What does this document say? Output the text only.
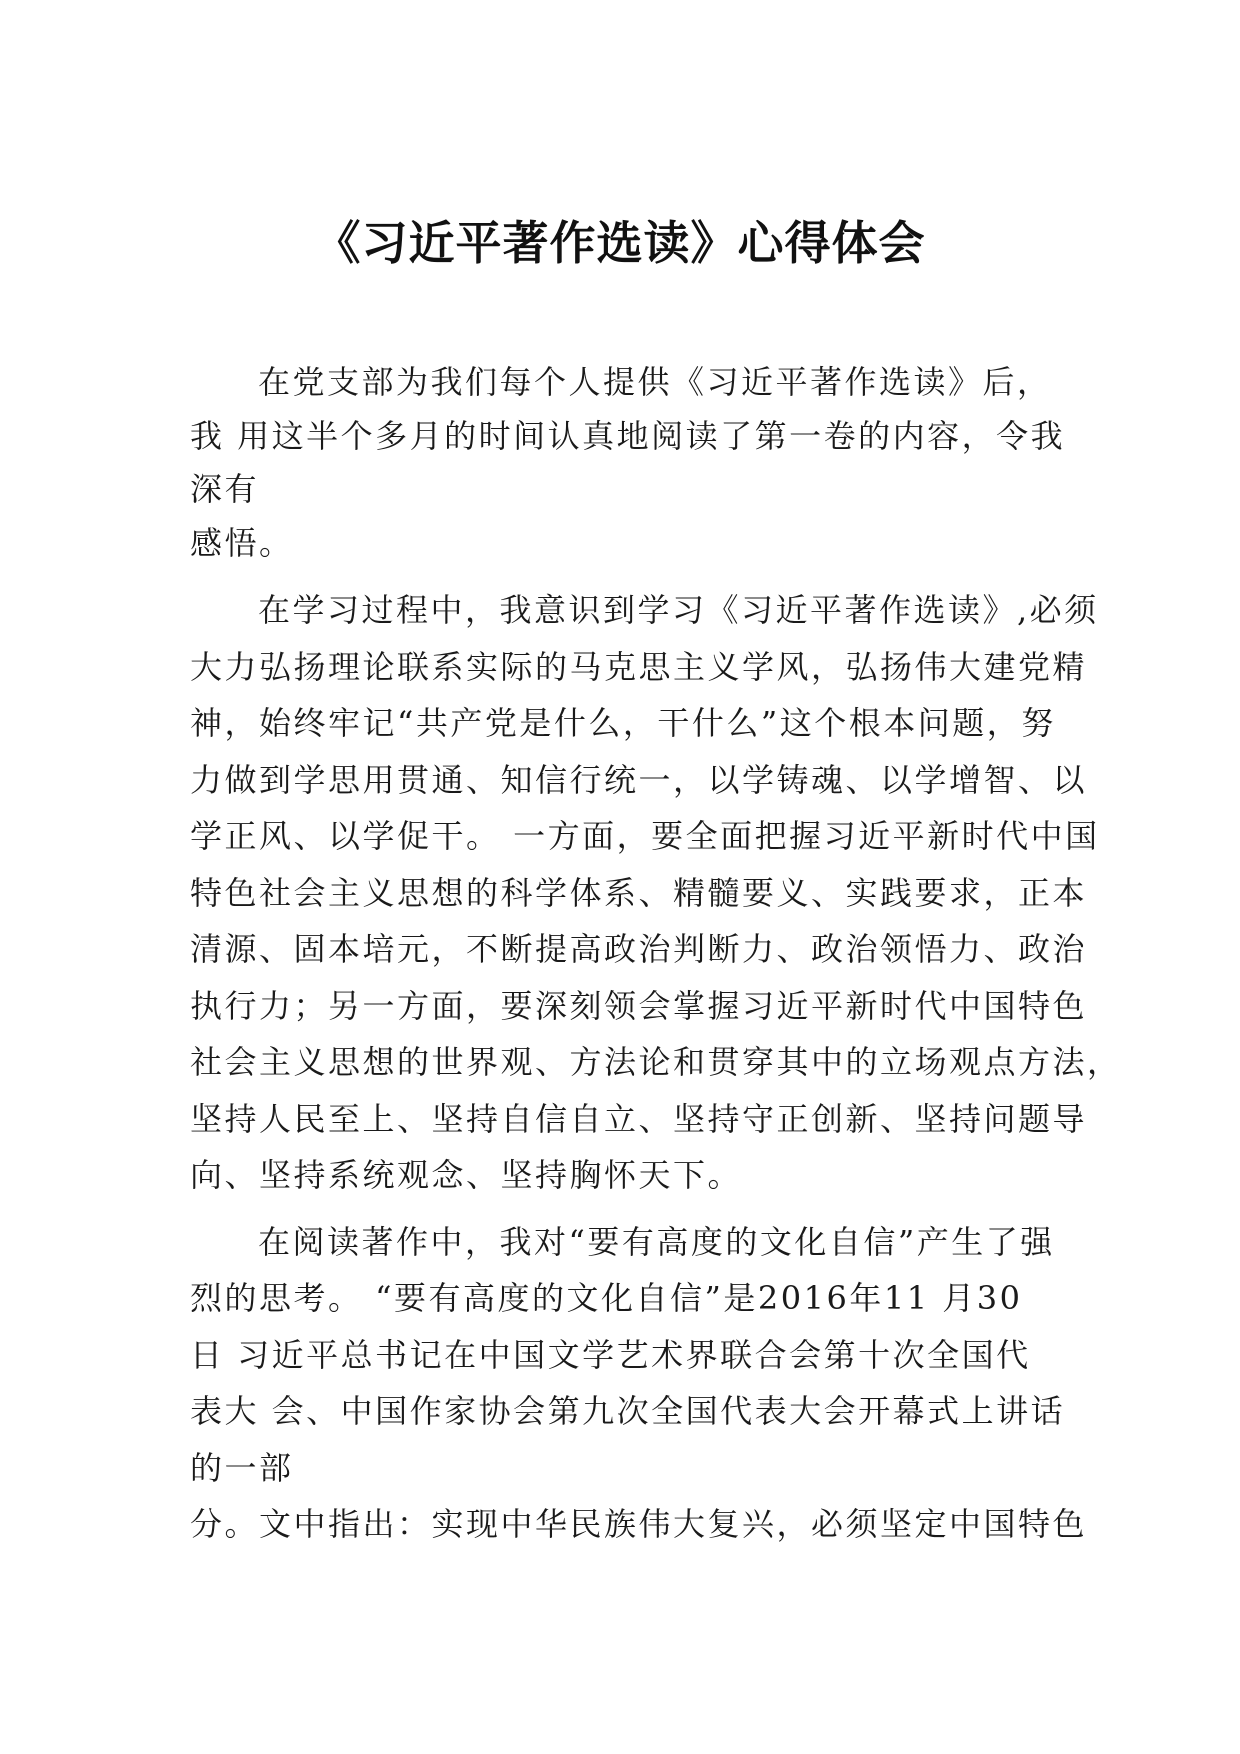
《习近平著作选读》心得体会
在党支部为我们每个人提供《习近平著作选读》后，
我 用这半个多月的时间认真地阅读了第一卷的内容，令我
深有
感悟。
在学习过程中，我意识到学习《习近平著作选读》,必须
大力弘扬理论联系实际的马克思主义学风，弘扬伟大建党精
神，始终牢记“共产党是什么，干什么”这个根本问题，努
力做到学思用贯通、知信行统一，以学铸魂、以学增智、以
学正风、以学促干。 一方面，要全面把握习近平新时代中国
特色社会主义思想的科学体系、精髓要义、实践要求，正本
清源、固本培元，不断提高政治判断力、政治领悟力、政治
执行力；另一方面，要深刻领会掌握习近平新时代中国特色
社会主义思想的世界观、方法论和贯穿其中的立场观点方法，
坚持人民至上、坚持自信自立、坚持守正创新、坚持问题导
向、坚持系统观念、坚持胸怀天下。
在阅读著作中，我对“要有高度的文化自信”产生了强
烈的思考。 “要有高度的文化自信”是2016年11 月30
日 习近平总书记在中国文学艺术界联合会第十次全国代
表大 会、中国作家协会第九次全国代表大会开幕式上讲话
的一部
分。文中指出：实现中华民族伟大复兴，必须坚定中国特色
